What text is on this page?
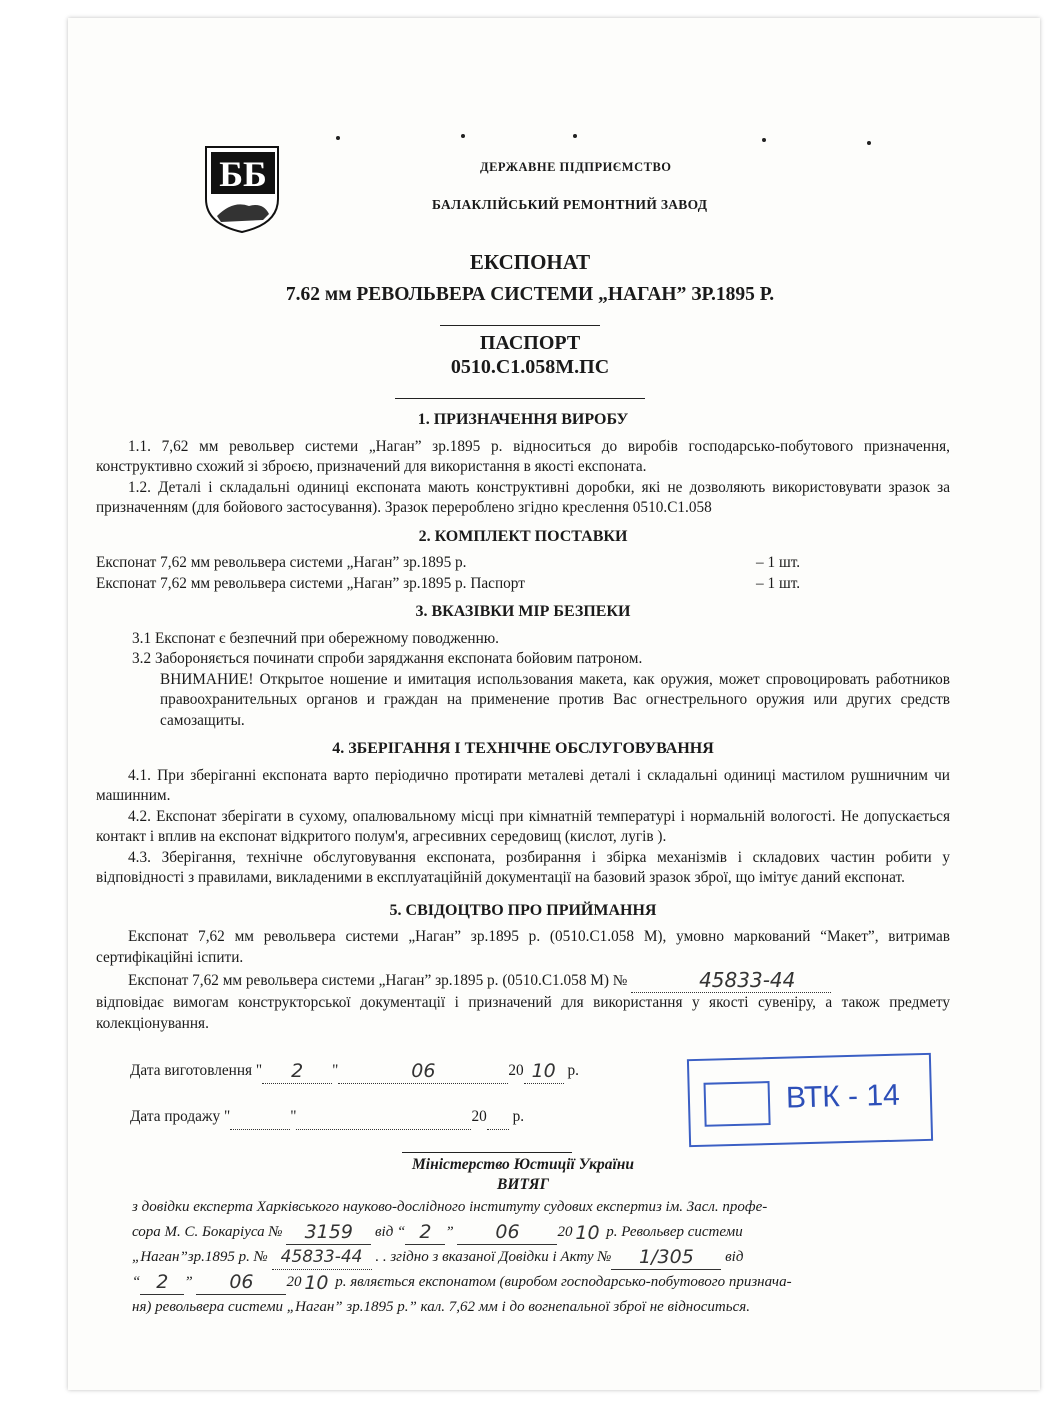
ББ	ДЕРЖАВНЕ ПІДПРИЄМСТВО
БАЛАКЛІЙСЬКИЙ РЕМОНТНИЙ ЗАВОД
ЕКСПОНАТ
7.62 мм РЕВОЛЬВЕРА СИСТЕМИ „НАГАН” ЗР.1895 Р.
ПАСПОРТ
0510.С1.058М.ПС
1. ПРИЗНАЧЕННЯ ВИРОБУ
1.1. 7,62 мм револьвер системи „Наган” зр.1895 р. відноситься до виробів господарсько-побутового призначення, конструктивно схожий зі зброєю, призначений для використання в якості експоната.
1.2. Деталі і складальні одиниці експоната мають конструктивні доробки, які не дозволяють використовувати зразок за призначенням (для бойового застосування). Зразок перероблено згідно креслення 0510.С1.058
2. КОМПЛЕКТ ПОСТАВКИ
Експонат 7,62 мм револьвера системи „Наган” зр.1895 р.	– 1 шт.
Експонат 7,62 мм револьвера системи „Наган” зр.1895 р. Паспорт	– 1 шт.
3. ВКАЗІВКИ МІР БЕЗПЕКИ
3.1 Експонат є безпечний при обережному поводженню.
3.2 Забороняється починати спроби заряджання експоната бойовим патроном.
ВНИМАНИЕ! Открытое ношение и имитация использования макета, как оружия, может спровоцировать работников правоохранительных органов и граждан на применение против Вас огнестрельного оружия или других средств самозащиты.
4. ЗБЕРІГАННЯ І ТЕХНІЧНЕ ОБСЛУГОВУВАННЯ
4.1. При зберіганні експоната варто періодично протирати металеві деталі і складальні одиниці мастилом рушничним чи машинним.
4.2. Експонат зберігати в сухому, опалювальному місці при кімнатній температурі і нормальній вологості. Не допускається контакт і вплив на експонат відкритого полум'я, агресивних середовищ (кислот, лугів ).
4.3. Зберігання, технічне обслуговування експоната, розбирання і збірка механізмів і складових частин робити у відповідності з правилами, викладеними в експлуатаційній документації на базовий зразок зброї, що імітує даний експонат.
5. СВІДОЦТВО ПРО ПРИЙМАННЯ
Експонат 7,62 мм револьвера системи „Наган” зр.1895 р. (0510.С1.058 М), умовно маркований “Макет”, витримав сертифікаційні іспити.
Експонат 7,62 мм револьвера системи „Наган” зр.1895 р. (0510.С1.058 М) №	45833-44
відповідає вимогам конструкторської документації і призначений для використання у якості сувеніру, а також предмету колекціонування.
Дата виготовлення " 2 "	06	20 10 р.
Дата продажу "	"	20 р.
ВТК - 14
Міністерство Юстиції України
ВИТЯГ
з довідки експерта Харківського науково-дослідного інституту судових експертиз ім. Засл. профе-
сора М. С. Бокаріуса № 3159 від “ 2 ” 06	20 10 р. Револьвер системи
„Наган”зр.1895 р. № 45833-44 . . згідно з вказаної Довідки і Акту № 1/305 від
“ 2 ” 06 20 10 р. являється експонатом (виробом господарсько-побутового признача-
ня) револьвера системи „Наган” зр.1895 р.” кал. 7,62 мм і до вогнепальної зброї не відноситься.
